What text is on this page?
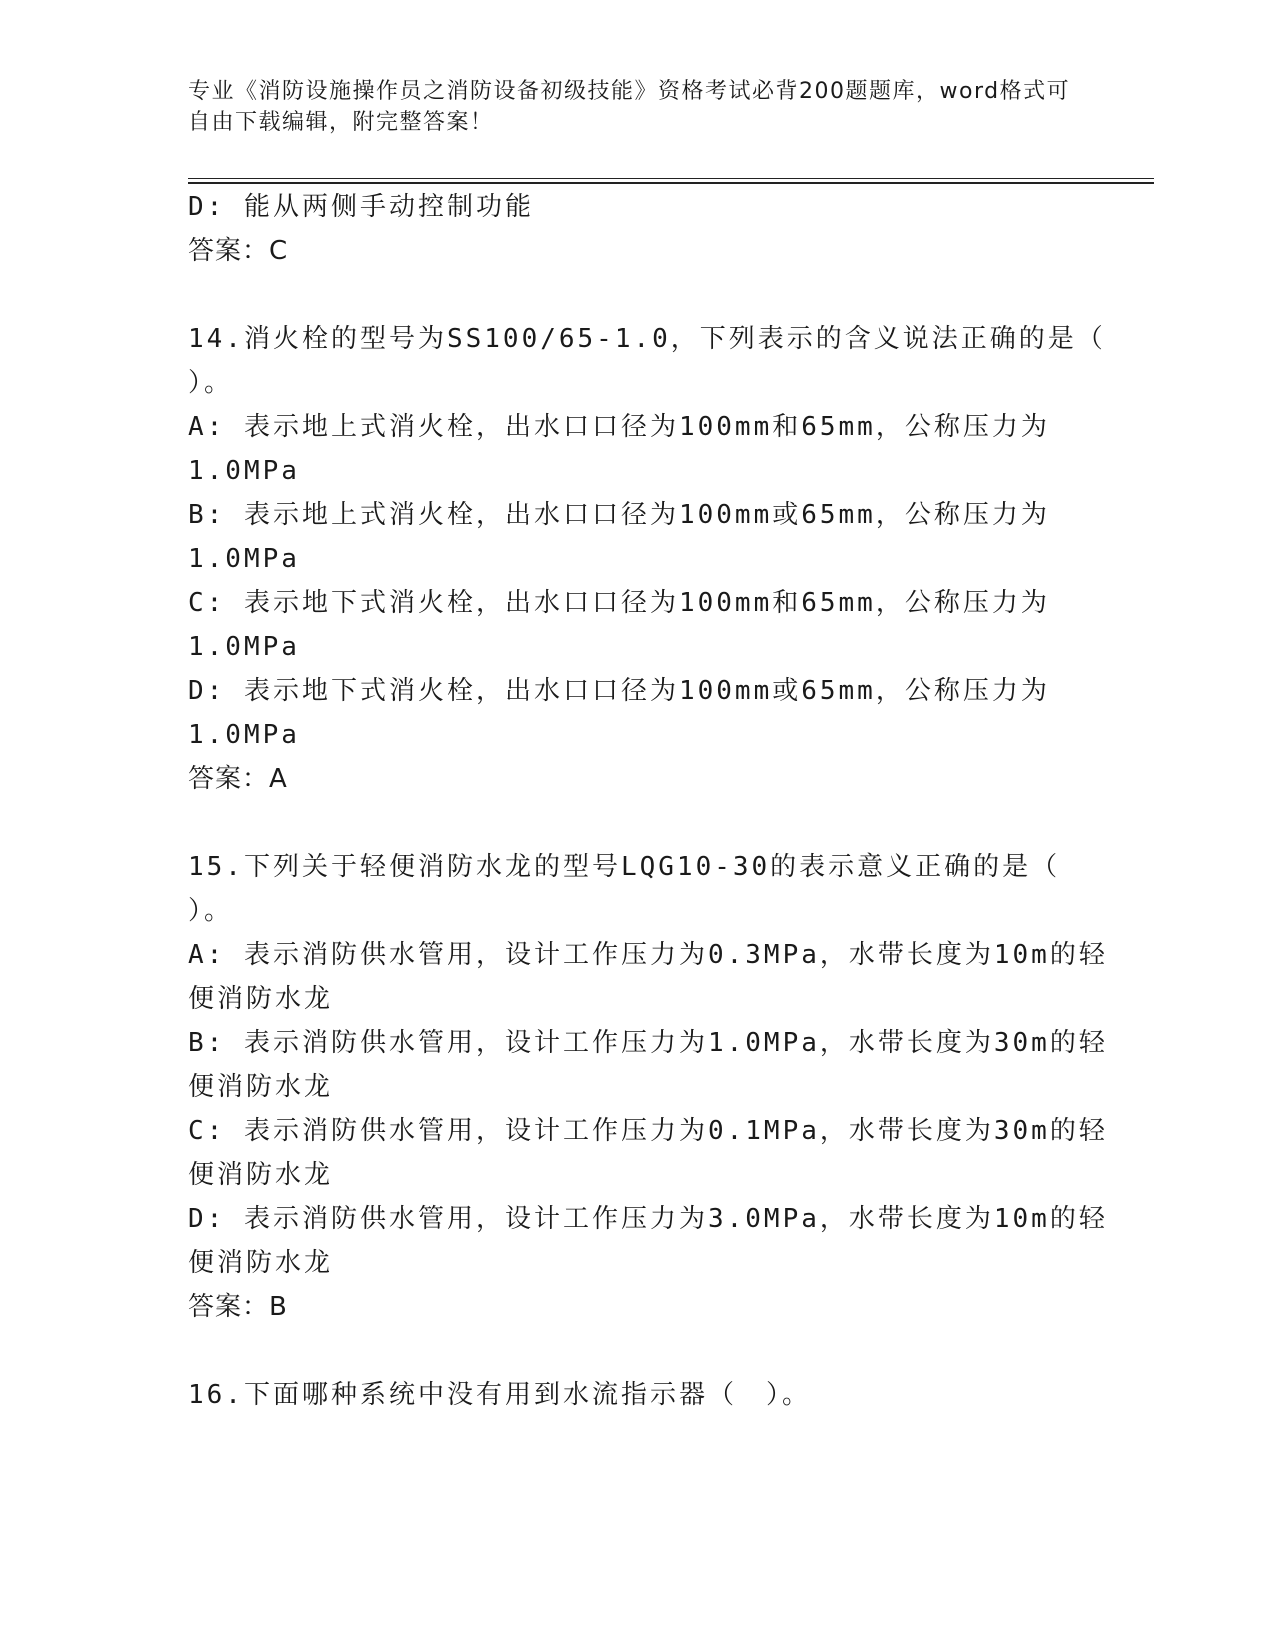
专业《消防设施操作员之消防设备初级技能》资格考试必背200题题库，word格式可自由下载编辑，附完整答案！
D: 能从两侧手动控制功能
答案：C
14.消火栓的型号为SS100/65-1.0，下列表示的含义说法正确的是（
）。
A: 表示地上式消火栓，出水口口径为100mm和65mm，公称压力为
1.0MPa
B: 表示地上式消火栓，出水口口径为100mm或65mm，公称压力为
1.0MPa
C: 表示地下式消火栓，出水口口径为100mm和65mm，公称压力为
1.0MPa
D: 表示地下式消火栓，出水口口径为100mm或65mm，公称压力为
1.0MPa
答案：A
15.下列关于轻便消防水龙的型号LQG10-30的表示意义正确的是（
）。
A: 表示消防供水管用，设计工作压力为0.3MPa，水带长度为10m的轻
便消防水龙
B: 表示消防供水管用，设计工作压力为1.0MPa，水带长度为30m的轻
便消防水龙
C: 表示消防供水管用，设计工作压力为0.1MPa，水带长度为30m的轻
便消防水龙
D: 表示消防供水管用，设计工作压力为3.0MPa，水带长度为10m的轻
便消防水龙
答案：B
16.下面哪种系统中没有用到水流指示器（　）。
